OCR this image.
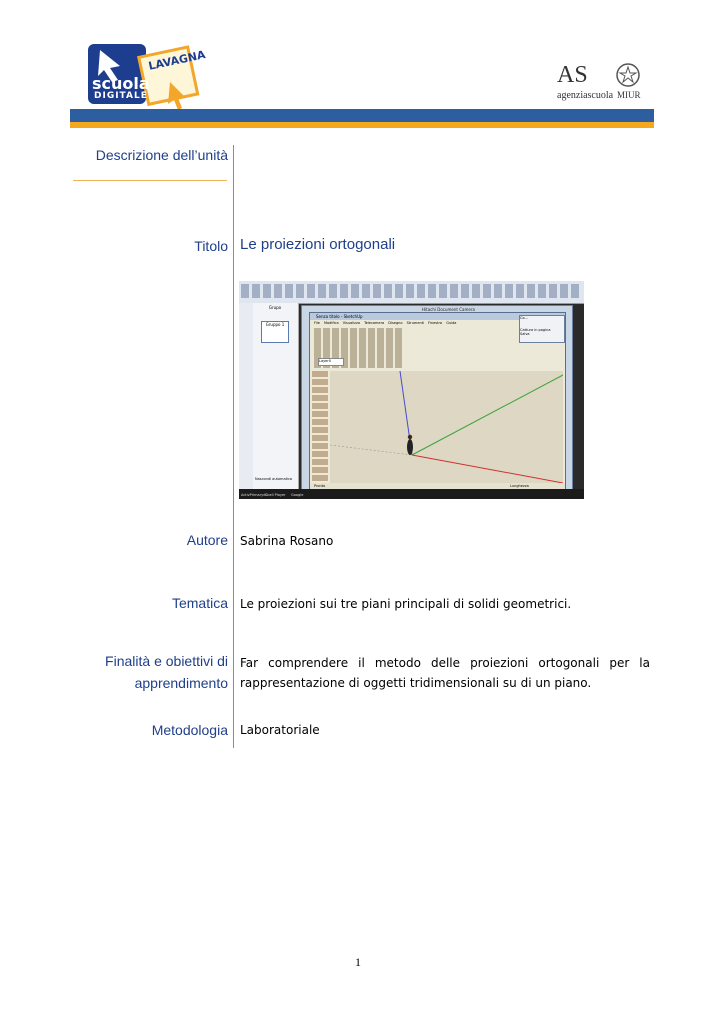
scuola
DIGITALE
LAVAGNA
AS
agenziascuola MIUR
Descrizione dell’unità
Titolo Le proiezioni ortogonali
Grupo
Gruppo 1
Nascondi automatica
Hitachi Document Camera
Senza titolo - SketchUp
File Modifica Visualizza Telecamera Disegno Strumenti Finestra Guida
Layer0
Pronto	Lunghezza
Co...
Cattura in pagina
Salva
ActivPrimaryd...
Shell Player Google
Autore Sabrina Rosano
Tematica Le proiezioni sui tre piani principali di solidi geometrici.
Finalità e obiettivi di apprendimento
Far comprendere il metodo delle proiezioni ortogonali per la rappresentazione di oggetti tridimensionali su di un piano.
Metodologia Laboratoriale
1
